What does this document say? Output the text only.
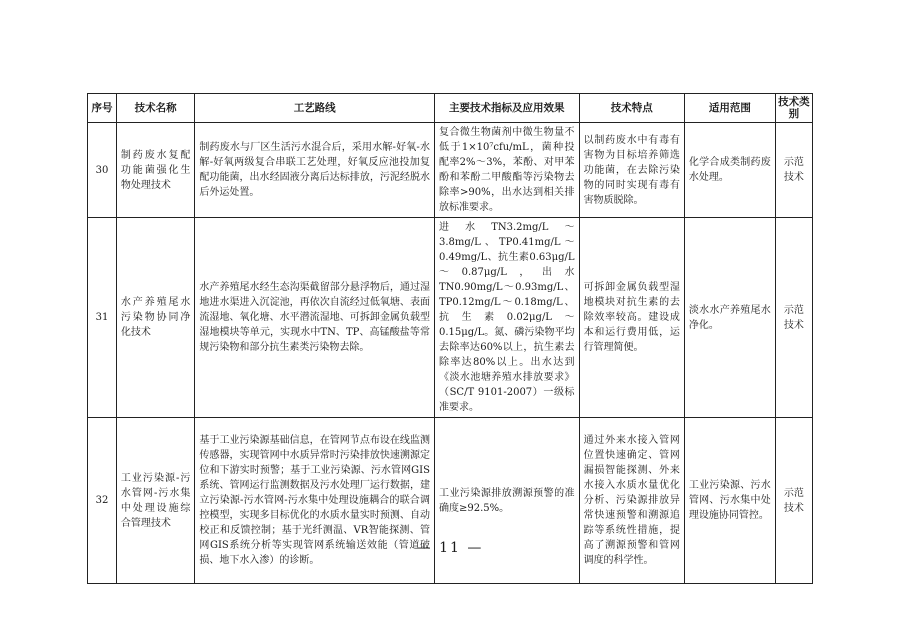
序号	技术名称	工艺路线	主要技术指标及应用效果	技术特点	适用范围	技术类别
30	制药废水复配功能菌强化生物处理技术	制药废水与厂区生活污水混合后，采用水解-好氧-水解-好氧两级复合串联工艺处理，好氧反应池投加复配功能菌，出水经固液分离后达标排放，污泥经脱水后外运处置。	复合微生物菌剂中微生物量不低于1×10⁷cfu/mL，菌种投配率2%～3%，苯酚、对甲苯酚和苯酚二甲酸酯等污染物去除率>90%，出水达到相关排放标准要求。	以制药废水中有毒有害物为目标培养筛选功能菌，在去除污染物的同时实现有毒有害物质脱除。	化学合成类制药废水处理。	示范技术
31	水产养殖尾水污染物协同净化技术	水产养殖尾水经生态沟渠截留部分悬浮物后，通过湿地进水渠进入沉淀池，再依次自流经过低氧塘、表面流湿地、氧化塘、水平潜流湿地、可拆卸金属负载型湿地模块等单元，实现水中TN、TP、高锰酸盐等常规污染物和部分抗生素类污染物去除。	进水TN3.2mg/L～3.8mg/L、TP0.41mg/L～0.49mg/L、抗生素0.63μg/L～0.87μg/L，出水TN0.90mg/L～0.93mg/L、TP0.12mg/L～0.18mg/L、抗生素0.02μg/L～0.15μg/L。氮、磷污染物平均去除率达60%以上，抗生素去除率达80%以上。出水达到《淡水池塘养殖水排放要求》（SC/T 9101-2007）一级标准要求。	可拆卸金属负载型湿地模块对抗生素的去除效率较高。建设成本和运行费用低，运行管理简便。	淡水水产养殖尾水净化。	示范技术
32	工业污染源-污水管网-污水集中处理设施综合管理技术	基于工业污染源基础信息，在管网节点布设在线监测传感器，实现管网中水质异常时污染排放快速溯源定位和下游实时预警；基于工业污染源、污水管网GIS系统、管网运行监测数据及污水处理厂运行数据，建立污染源-污水管网-污水集中处理设施耦合的联合调控模型，实现多目标优化的水质水量实时预测、自动校正和反馈控制；基于光纤测温、VR智能探测、管网GIS系统分析等实现管网系统输送效能（管道破损、地下水入渗）的诊断。	工业污染源排放溯源预警的准确度≥92.5%。	通过外来水接入管网位置快速确定、管网漏损智能探测、外来水接入水质水量优化分析、污染源排放异常快速预警和溯源追踪等系统性措施，提高了溯源预警和管网调度的科学性。	工业污染源、污水管网、污水集中处理设施协同管控。	示范技术
— 11 —
